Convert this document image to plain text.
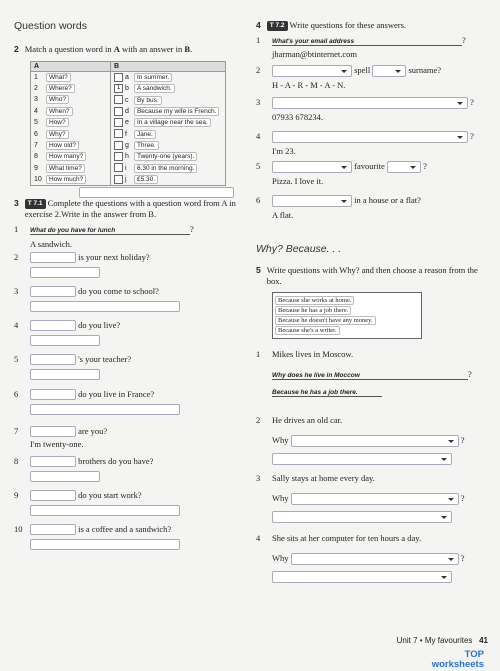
Question words
2 Match a question word in A with an answer in B.
A	B
1 What?	a In summer.
2 Where?	1 b A sandwich.
3 Who?	c By bus.
4 When?	d Because my wife is French.
5 How?	e In a village near the sea.
6 Why?	f Jane.
7 How old?	g Three.
8 How many?	h Twenty-one (years).
9 What time?	i 6.30 in the morning.
10 How much?	j £5.30.
3	T 7.1 Complete the questions with a question word from A in exercise 2.Write in the answer from B.
1 What do you have for lunch	?
A sandwich.
2	is your next holiday?
3	do you come to school?
4	do you live?
5	's your teacher?
6	do you live in France?
7	are you?
I'm twenty-one.
8	brothers do you have?
9	do you start work?
10	is a coffee and a sandwich?
4	T 7.2 Write questions for these answers.
1 What's your email address	?
jharman@btinternet.com
2	spell	surname?
H - A - R - M - A - N.
3	?
07933 678234.
4	?
I'm 23.
5	favourite	?
Pizza. I love it.
6	in a house or a flat?
A flat.
Why? Because. . .
5 Write questions with Why? and then choose a reason from the box.
Because she works at home.
Because he has a job there.
Because he doesn't have any money.
Because she's a writer.
1 Mikes lives in Moscow.
Why does he live in Moccow	?
Because he has a job there.
2 He drives an old car.
Why	?
3 Sally stays at home every day.
Why	?
4 She sits at her computer for ten hours a day.
Why	?
Unit 7 • My favourites 41
TOP
worksheets
